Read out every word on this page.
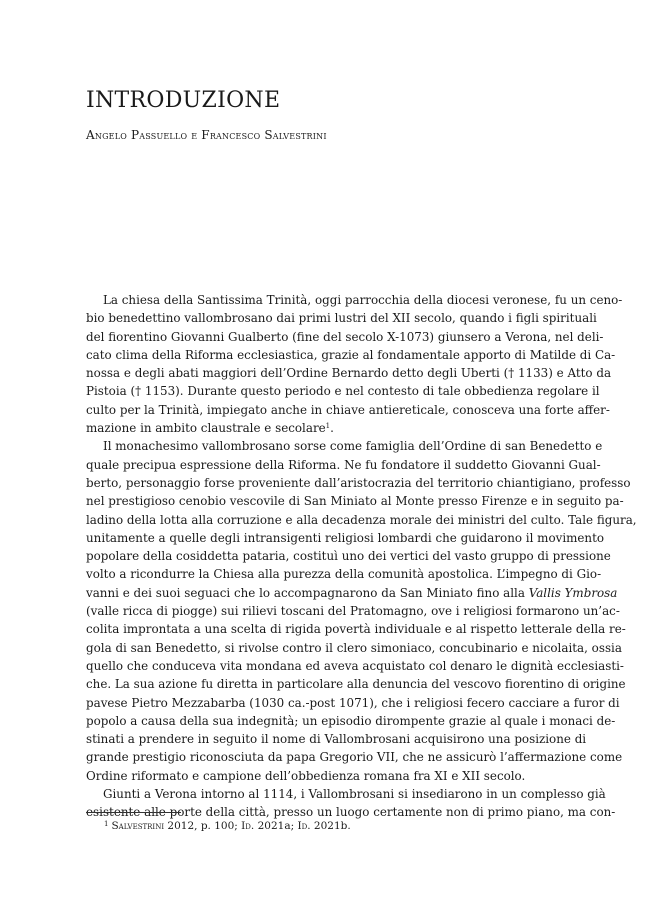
INTRODUZIONE
Angelo Passuello e Francesco Salvestrini
La chiesa della Santissima Trinità, oggi parrocchia della diocesi veronese, fu un ceno-
bio benedettino vallombrosano dai primi lustri del XII secolo, quando i figli spirituali
del fiorentino Giovanni Gualberto (fine del secolo X-1073) giunsero a Verona, nel deli-
cato clima della Riforma ecclesiastica, grazie al fondamentale apporto di Matilde di Ca-
nossa e degli abati maggiori dell’Ordine Bernardo detto degli Uberti († 1133) e Atto da
Pistoia († 1153). Durante questo periodo e nel contesto di tale obbedienza regolare il
culto per la Trinità, impiegato anche in chiave antiereticale, conosceva una forte affer-
mazione in ambito claustrale e secolare$^1$.
Il monachesimo vallombrosano sorse come famiglia dell’Ordine di san Benedetto e
quale precipua espressione della Riforma. Ne fu fondatore il suddetto Giovanni Gual-
berto, personaggio forse proveniente dall’aristocrazia del territorio chiantigiano, professo
nel prestigioso cenobio vescovile di San Miniato al Monte presso Firenze e in seguito pa-
ladino della lotta alla corruzione e alla decadenza morale dei ministri del culto. Tale figura,
unitamente a quelle degli intransigenti religiosi lombardi che guidarono il movimento
popolare della cosiddetta pataria, costituì uno dei vertici del vasto gruppo di pressione
volto a ricondurre la Chiesa alla purezza della comunità apostolica. L’impegno di Gio-
vanni e dei suoi seguaci che lo accompagnarono da San Miniato fino alla Vallis Ymbrosa
(valle ricca di piogge) sui rilievi toscani del Pratomagno, ove i religiosi formarono un’ac-
colita improntata a una scelta di rigida povertà individuale e al rispetto letterale della re-
gola di san Benedetto, si rivolse contro il clero simoniaco, concubinario e nicolaita, ossia
quello che conduceva vita mondana ed aveva acquistato col denaro le dignità ecclesiasti-
che. La sua azione fu diretta in particolare alla denuncia del vescovo fiorentino di origine
pavese Pietro Mezzabarba (1030 ca.-post 1071), che i religiosi fecero cacciare a furor di
popolo a causa della sua indegnità; un episodio dirompente grazie al quale i monaci de-
stinati a prendere in seguito il nome di Vallombrosani acquisirono una posizione di
grande prestigio riconosciuta da papa Gregorio VII, che ne assicurò l’affermazione come
Ordine riformato e campione dell’obbedienza romana fra XI e XII secolo.
Giunti a Verona intorno al 1114, i Vallombrosani si insediarono in un complesso già
esistente alle porte della città, presso un luogo certamente non di primo piano, ma con-
$^1$ Salvestrini 2012, p. 100; Id. 2021a; Id. 2021b.
